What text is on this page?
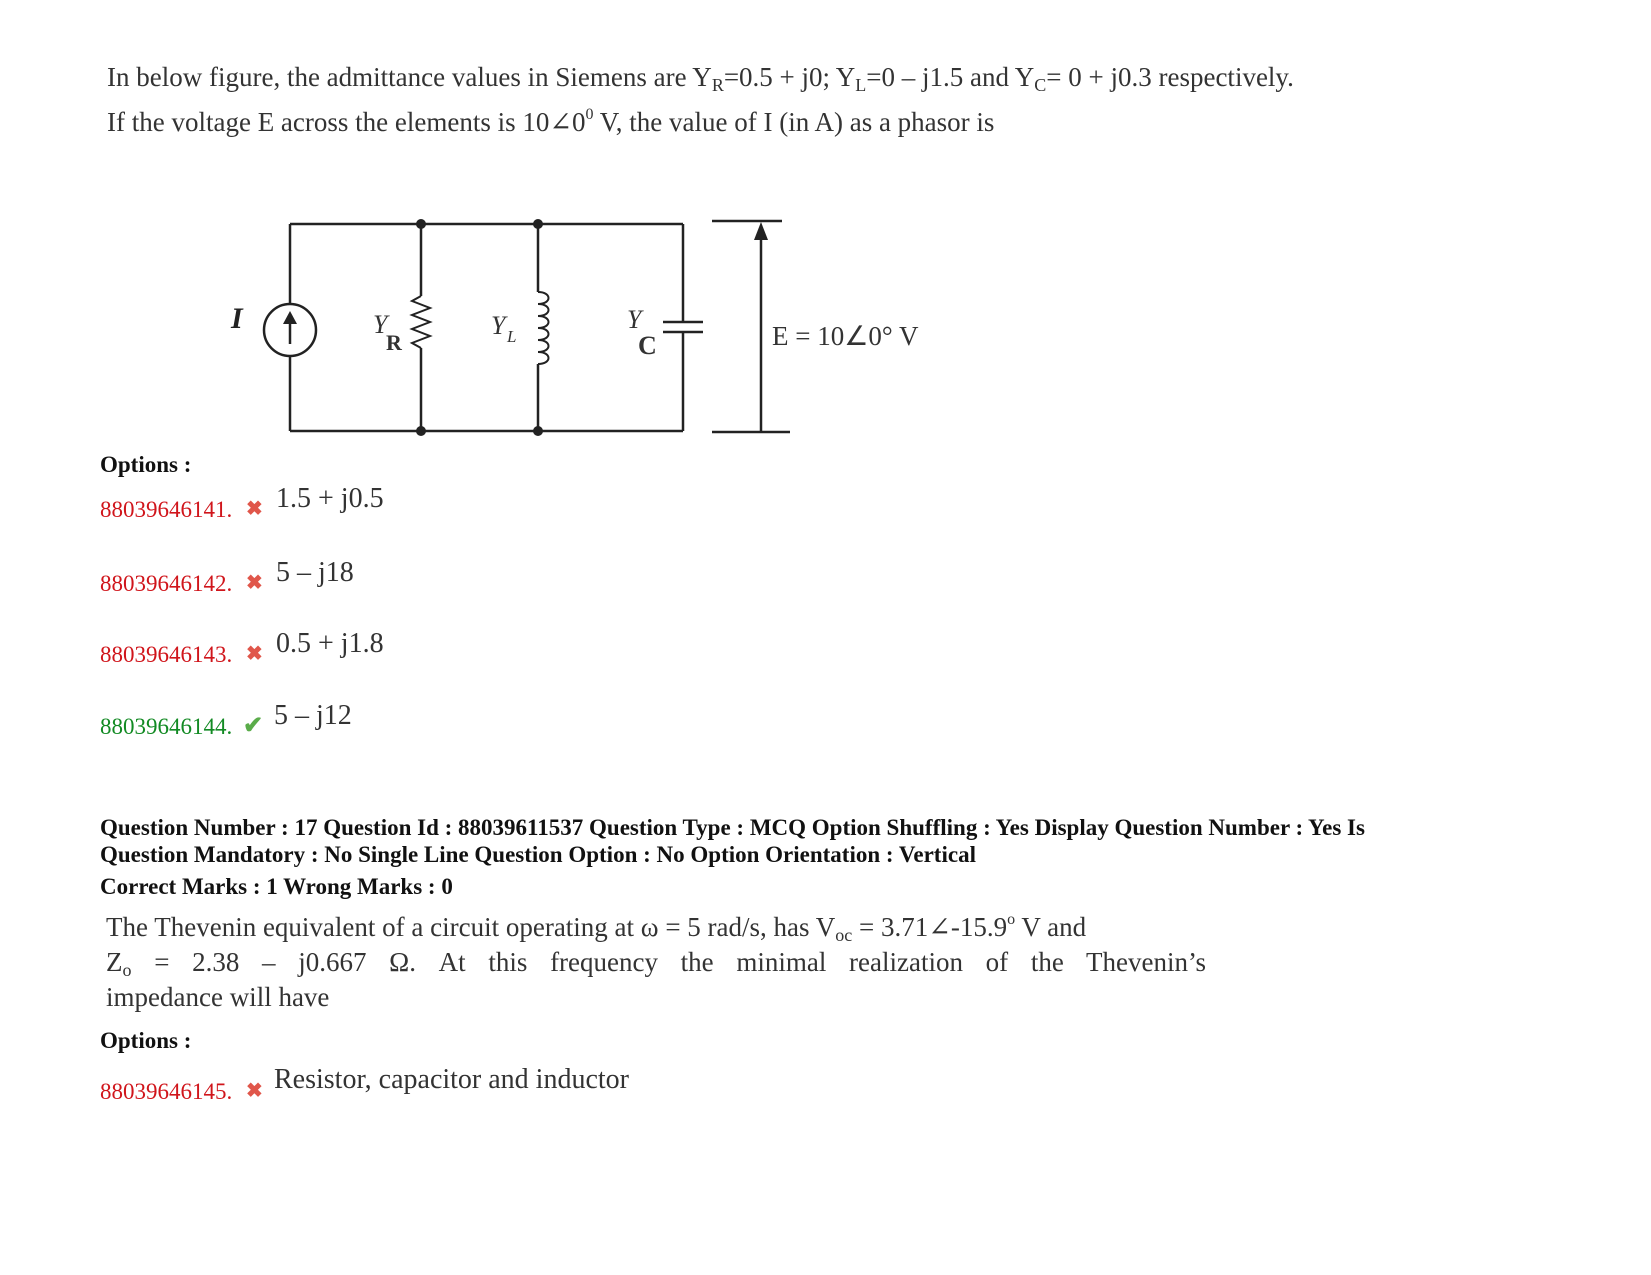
In below figure, the admittance values in Siemens are $Y_R=0.5 + j0$; $Y_L=0 - j1.5$ and $Y_C= 0 + j0.3$ respectively.
If the voltage E across the elements is $10\angle 0^0$ V, the value of I (in A) as a phasor is
I	Y
R
Y L
Y
C	E = 10∠0° V
Options :
88039646141. ✖ 1.5 + j0.5
88039646142. ✖ 5 – j18
88039646143. ✖ 0.5 + j1.8
88039646144. ✔ 5 – j12
Question Number : 17 Question Id : 88039611537 Question Type : MCQ Option Shuffling : Yes Display Question Number : Yes Is
Question Mandatory : No Single Line Question Option : No Option Orientation : Vertical
Correct Marks : 1 Wrong Marks : 0
The Thevenin equivalent of a circuit operating at ω = 5 rad/s, has $V_{oc}$ = $3.71\angle-15.9^o$ V and
$Z_o = 2.38 - j0.667$ Ω. At this frequency the minimal realization of the Thevenin’s
impedance will have
Options :
88039646145. ✖ Resistor, capacitor and inductor
